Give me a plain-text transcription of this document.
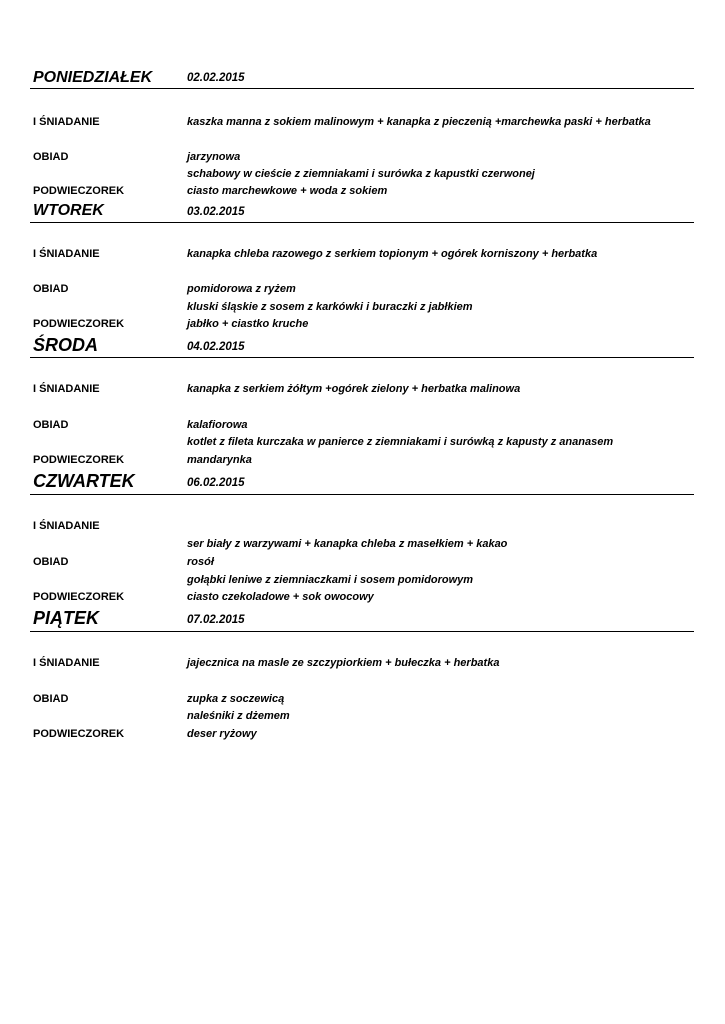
PONIEDZIAŁEK	02.02.2015
I ŚNIADANIE	kaszka manna z sokiem malinowym + kanapka z pieczenią +marchewka paski + herbatka
OBIAD	jarzynowa
schabowy w cieście z ziemniakami i surówka z kapustki czerwonej
PODWIECZOREK	ciasto marchewkowe + woda z sokiem
WTOREK	03.02.2015
I ŚNIADANIE	kanapka chleba razowego z serkiem topionym + ogórek korniszony + herbatka
OBIAD	pomidorowa z ryżem
kluski śląskie z sosem z karkówki i buraczki z jabłkiem
PODWIECZOREK	jabłko + ciastko kruche
ŚRODA	04.02.2015
I ŚNIADANIE	kanapka z serkiem żółtym +ogórek zielony + herbatka malinowa
OBIAD	kalafiorowa
kotlet z fileta kurczaka w panierce z ziemniakami i surówką z kapusty z ananasem
PODWIECZOREK	mandarynka
CZWARTEK	06.02.2015
I ŚNIADANIE
ser biały z warzywami + kanapka chleba z masełkiem + kakao
OBIAD	rosół
gołąbki leniwe z ziemniaczkami i sosem pomidorowym
PODWIECZOREK	ciasto czekoladowe + sok owocowy
PIĄTEK	07.02.2015
I ŚNIADANIE	jajecznica na masle ze szczypiorkiem + bułeczka + herbatka
OBIAD	zupka z soczewicą
naleśniki z dżemem
PODWIECZOREK	deser ryżowy
